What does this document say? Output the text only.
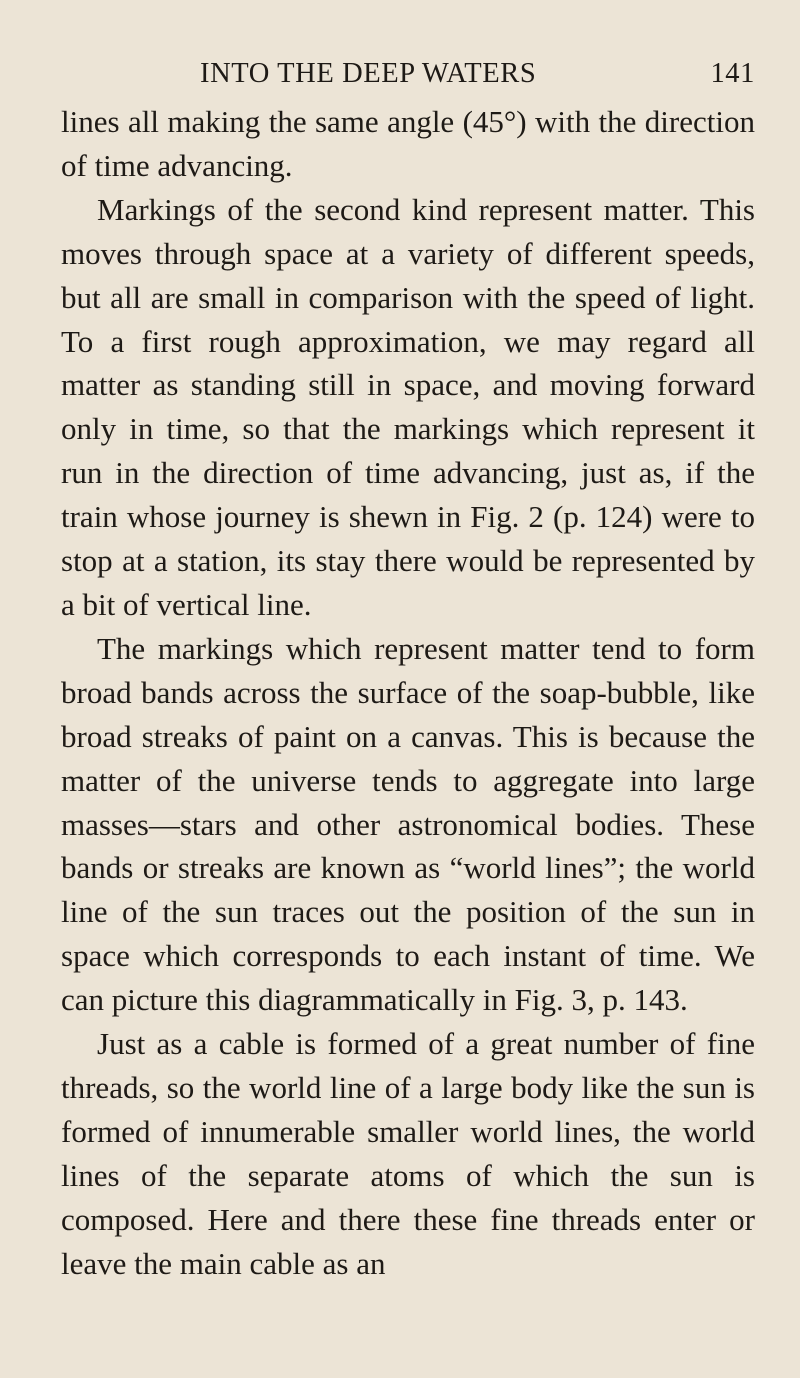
INTO THE DEEP WATERS	141

lines all making the same angle (45°) with the direction of time advancing.

Markings of the second kind represent matter. This moves through space at a variety of different speeds, but all are small in comparison with the speed of light. To a first rough approximation, we may regard all matter as standing still in space, and moving forward only in time, so that the markings which represent it run in the direction of time advancing, just as, if the train whose journey is shewn in Fig. 2 (p. 124) were to stop at a station, its stay there would be represented by a bit of vertical line.

The markings which represent matter tend to form broad bands across the surface of the soap-bubble, like broad streaks of paint on a canvas. This is because the matter of the universe tends to aggregate into large masses—stars and other astronomical bodies. These bands or streaks are known as “world lines”; the world line of the sun traces out the position of the sun in space which corresponds to each instant of time. We can picture this diagrammatically in Fig. 3, p. 143.

Just as a cable is formed of a great number of fine threads, so the world line of a large body like the sun is formed of innumerable smaller world lines, the world lines of the separate atoms of which the sun is composed. Here and there these fine threads enter or leave the main cable as an
